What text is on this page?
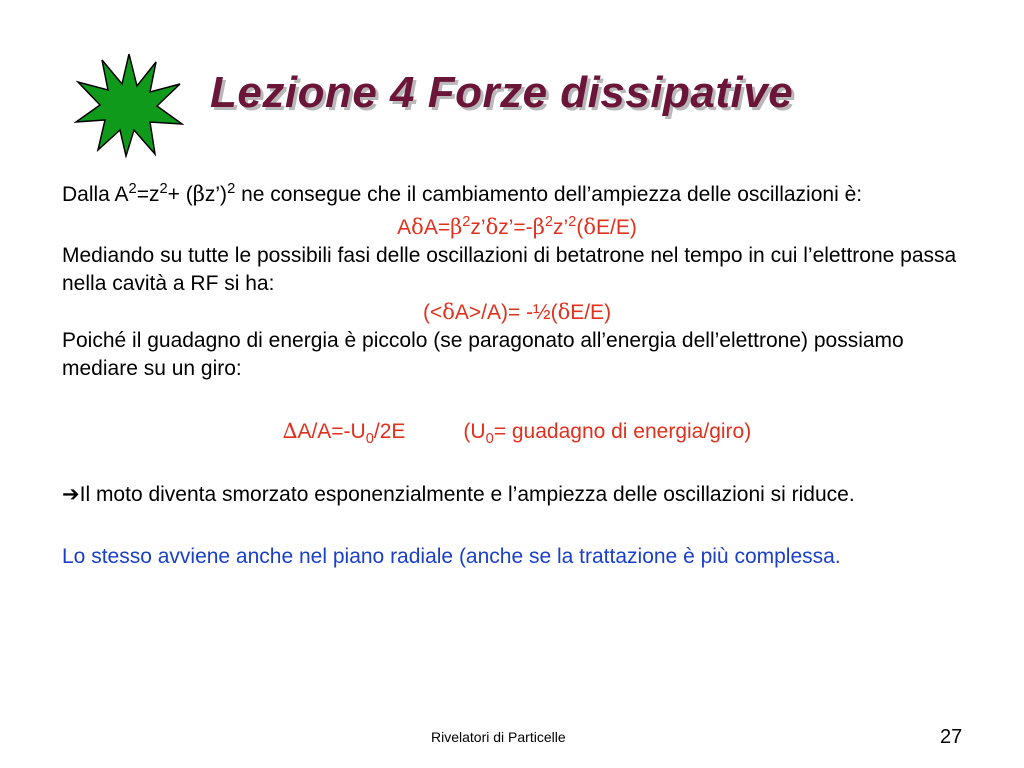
Lezione 4 Forze dissipative

Dalla $A^2=z^2+$ (βz’)$^2$ ne consegue che il cambiamento dell’ampiezza delle oscillazioni è:

$A\delta A=\beta^2z’\delta z’=-\beta^2z’^2(\delta E/E)$

Mediando su tutte le possibili fasi delle oscillazioni di betatrone nel tempo in cui l’elettrone passa nella cavità a RF si ha:

(<δA>/A)= -½(δE/E)

Poiché il guadagno di energia è piccolo (se paragonato all’energia dell’elettrone) possiamo mediare su un giro:

$\Delta A/A=-U_0/2E$	($U_0=$ guadagno di energia/giro)

➔Il moto diventa smorzato esponenzialmente e l’ampiezza delle oscillazioni si riduce.

Lo stesso avviene anche nel piano radiale (anche se la trattazione è più complessa.

Rivelatori di Particelle	27
